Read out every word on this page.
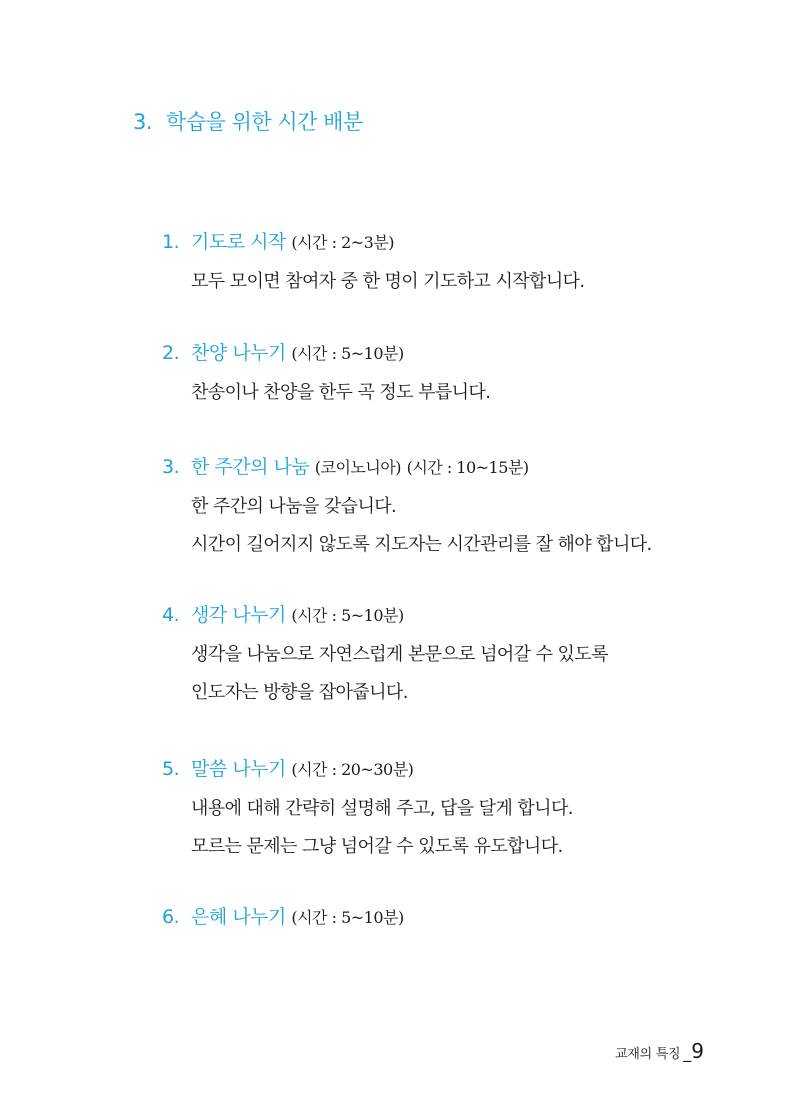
3. 학습을 위한 시간 배분
1. 기도로 시작 (시간 : 2~3분)
모두 모이면 참여자 중 한 명이 기도하고 시작합니다.
2. 찬양 나누기 (시간 : 5~10분)
찬송이나 찬양을 한두 곡 정도 부릅니다.
3. 한 주간의 나눔 (코이노니아) (시간 : 10~15분)
한 주간의 나눔을 갖습니다.
시간이 길어지지 않도록 지도자는 시간관리를 잘 해야 합니다.
4. 생각 나누기 (시간 : 5~10분)
생각을 나눔으로 자연스럽게 본문으로 넘어갈 수 있도록
인도자는 방향을 잡아줍니다.
5. 말씀 나누기 (시간 : 20~30분)
내용에 대해 간략히 설명해 주고, 답을 달게 합니다.
모르는 문제는 그냥 넘어갈 수 있도록 유도합니다.
6. 은혜 나누기 (시간 : 5~10분)
교재의 특징 _9
